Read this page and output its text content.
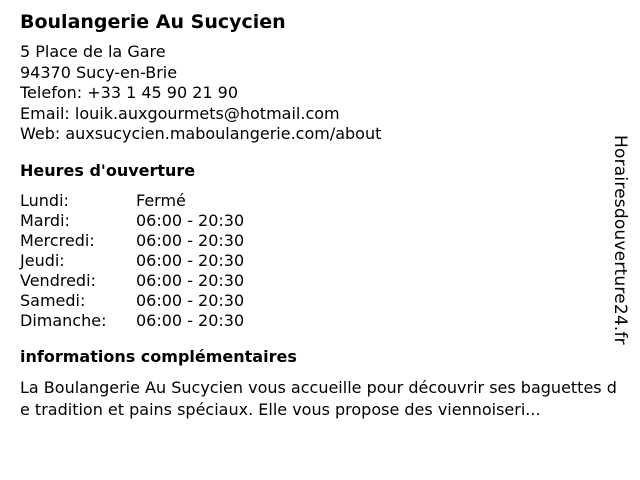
Boulangerie Au Sucycien
5 Place de la Gare
94370 Sucy-en-Brie
Telefon: +33 1 45 90 21 90
Email: louik.auxgourmets@hotmail.com
Web: auxsucycien.maboulangerie.com/about
Heures d'ouverture
Lundi:	Fermé
Mardi:	06:00 - 20:30
Mercredi:	06:00 - 20:30
Jeudi:	06:00 - 20:30
Vendredi:	06:00 - 20:30
Samedi:	06:00 - 20:30
Dimanche:	06:00 - 20:30
informations complémentaires
La Boulangerie Au Sucycien vous accueille pour découvrir ses baguettes de tradition et pains spéciaux. Elle vous propose des viennoiseri...
Horairesdouverture24.fr
